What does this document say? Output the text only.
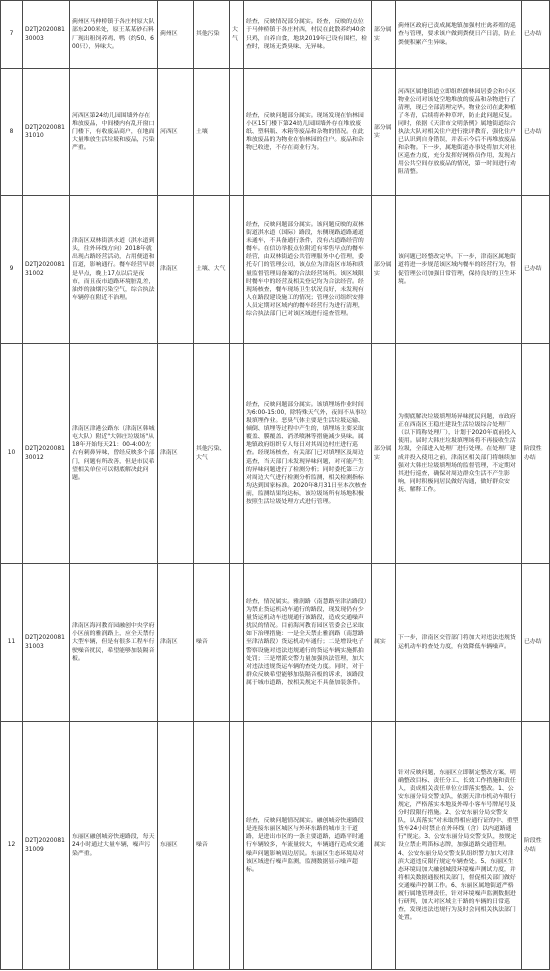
7	D2TJ202008130003	蓟州区马伸桥镇于各庄村原大队部东200米处，原王某某砂石料厂现出租饲养鸡、鸭（约50、600只），异味大。	蓟州区	其他污染	大气	经查，反映情况部分属实。经查，反映的点位于马伸桥镇于各庄村西，村民在此散养约40余只鸡，自养自食，地块2019年已设有围栏，检查时，现场无粪臭味、无异味。	部分属实	蓟州区政府已责成属地镇加强村庄禽养殖的巡查与管理，要求该户做到粪便日产日清，防止粪便积累产生异味。	已办结
8	D2TJ202008131010	河西区第24幼儿园围墙外存在堆放废品，中间楼内有乱开窗口门楼下，有收废品商户，在地面大量堆放生活垃圾和废品，污染严重。	河西区	土壤		经查，反映问题部分属实。现场发现在怡林园小区15门楼下第24幼儿园围墙外存在堆放废纸、塑料瓶、木箱等废品和杂物的情况。在此堆放废品的为物业在怡林园的住户。废品和杂物已收进，不存在商业行为。	部分属实	河西区属地街道立即组织儒林园居委会和小区物业公司对该处空地堆放的废品和杂物进行了清理，现已全部清理完毕。物业公司在此种植了冬青，后续将补种草坪，防止此问题反复。同时，依据《天津市文明条例》属地街道综合执法大队对相关住户进行批评教育，强化住户已认识到自身错误，并表示今后不再堆放废品和杂物。下一步，属地街道办事处将加大对社区巡查力度，充分发挥好网格员作用，发现占用公共空间存放废品的情况，第一时间进行劝阻清整。	已办结
9	D2TJ202008131002	津南区双林街淇水道（淇水道到头，往外环线方向）2018年就出现占路经营活动，占用便道和盲道，影响通行。餐车经营早晨是早点，晚上17点以后是夜市，而且夜市道路环境脏乱差，油炸的油烟污染空气，综合执法车辆停在附近不治理。	津南区	土壤、大气		经查，反映问题部分属实。该问题反映的双林街道淇水道（国际）路段，东侧现路道路通道未通车，不具备通行条件，没有占道路经营的餐车。在信访举报点位附近有零售早点的餐车经营，由双林街道公共管理服务中心管理，委托专门的管理公司，该点位为津南区市场和质量监督管理局备案的合法经营场所。该区域限时餐车中的经营及相关登记均为合法经营。经现场核查，餐车现场卫生状况良好，未发现有人在路段建设施工的情况；管理公司组织安排人员定期对区域内的餐车经营行为进行清理，综合执法部门已对该区域进行巡查管理。	部分属实	该问题已经整改完毕。下一步，津南区属地街道将进一步规范该区域内餐车的经营行为，督促管理公司加强日常管理，保持良好的卫生环境。	已办结
10	D2TJ202008130012	津南区津港公路东（津南区韩城屯大队）附近"大韩庄垃圾场"从18年开始每天21：00-4:00左右有刺鼻异味，曾经反映多个部门，问题有所改善，但是市民希望相关单位可以彻底解决此问题。	津南区	其他污染、大气		经查，反映问题部分属实。该填埋场作业时间为6:00-15:00，除特殊天气外，夜间不从事垃圾填埋作业。恶臭气体主要是生活垃圾运输、倾倒、填埋等过程中产生的，填埋场主要采取覆盖、膜覆盖、消杀喷淋等措施减少臭味。属地镇政府组织专人每日对其周边村庄进行巡查。经现场核查，有关部门已对填埋区及周边巡查，当天部门未发现异味问题，对可能产生的异味问题进行了检测分析；同时委托第三方对周边大气进行检测分析监测，相关检测指标均达到国家标准。2020年8月31日至本次核查前，监测结果均达标，该垃圾场所有场地积极按照生活垃圾处理方式进行管理。	部分属实	为彻底解决垃圾填埋场异味扰民问题，市政府正在西南区王稳庄建设生活垃圾综合处理厂（以下简称处理厂），计划于2020年底前投入使用。届时大韩庄垃圾填埋场将不再接收生活垃圾，全部进入处理厂进行处理。在处理厂建成并投入使用之前，津南区相关部门将继续加强对大韩庄垃圾填埋场的监督管理，不定期对其进行巡查，确保对周边群众生活不产生影响，同时积极同居民做好沟通，做好群众安抚、解释工作。	阶段性办结
11	D2TJ202008131003	津南区海河教育园融创中央学府小区前的雅润路上，应全天禁行大型车辆，但是有很多工程车行驶噪音扰民，希望能够加装隔音板。	津南区	噪音		经查，情况属实。雅润路（南慧路至津沽路段）为禁止货运机动车通行的路段，现发现仍有少量货运机动车违规通行该路段，造成交通噪声扰民的情况。目前海河教育园区管委会已采取如下治理措施：一是全天禁止雅润路（南慧路至津沽路段）货运机动车通行；二是增设电子警察设施对违法违规通行的货运车辆实施抓拍处罚；三是增派交警力量加强执法管理，加大对违法违规货运车辆的查处力度。同时，对于群众反映希望能够加装隔音板的诉求，该路段属于城市道路，按相关规定不具备加装条件。	属实	下一步，津南区交管部门将加大对违法违规货运机动车的查处力度，有效降低车辆噪声。	已办结
12	D2TJ202008131009	东丽区融创城旁快速路段，每天24小时通过大量车辆，噪声污染严重。	东丽区	噪音		经查，反映问题情况属实。融创城旁快速路段是连接东丽区城区与外环东路的城市主干道路，是进出市区的一条主要道路，道路平时通行车辆较多，车流量较大，车辆通行造成交通噪声问题影响周边居民。东丽区生态环境局对该区域进行噪声监测，监测数据显示噪声超标。	属实	针对反映问题，东丽区立即制定整改方案，明确整改目标、责任分工、长效工作措施和责任人，责成相关责任单位立即落实整改。1、公安东丽分局交警支队，依据天津市机动车限行规定，严格落实本地及外埠小客车号牌尾号及分时段限行措施。2、公安东丽分局交警支队，认真落实"对未取得相应通行证的中、重型货车24小时禁止在外环线（含）以内道路通行"规定。3、公安东丽分局交警支队，按规定设立禁止鸣笛标志牌，加强道路交通管理。4、公安东丽分局交警支队组织警力加大对津滨大道违反限行规定车辆查处。5、东丽区生态环境局加大融创城段环境噪声测试力度，并将相关数据通报相关部门，督促相关部门做好交通噪声控制工作。6、东丽区属地街道严格履行属地管理责任，针对环境噪声监测数据进行研判，加大对区域主干路的车辆的日常巡查，发现违法违规行为及时会同相关执法部门处置。	阶段性办结
